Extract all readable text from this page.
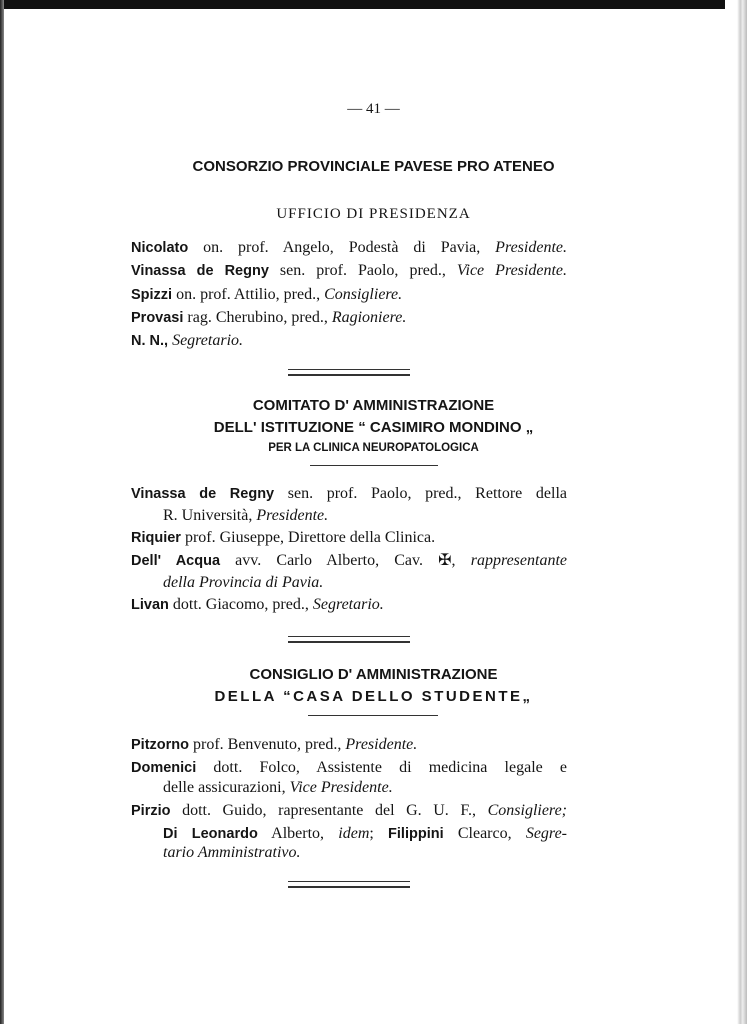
— 41 —
CONSORZIO PROVINCIALE PAVESE PRO ATENEO
UFFICIO DI PRESIDENZA
Nicolato on. prof. Angelo, Podestà di Pavia, Presidente.
Vinassa de Regny sen. prof. Paolo, pred., Vice Presidente.
Spizzi on. prof. Attilio, pred., Consigliere.
Provasi rag. Cherubino, pred., Ragioniere.
N. N., Segretario.
COMITATO D' AMMINISTRAZIONE
DELL' ISTITUZIONE “ CASIMIRO MONDINO „
PER LA CLINICA NEUROPATOLOGICA
Vinassa de Regny sen. prof. Paolo, pred., Rettore della
R. Università, Presidente.
Riquier prof. Giuseppe, Direttore della Clinica.
Dell' Acqua avv. Carlo Alberto, Cav. ✠, rappresentante
della Provincia di Pavia.
Livan dott. Giacomo, pred., Segretario.
CONSIGLIO D' AMMINISTRAZIONE
DELLA “CASA DELLO STUDENTE„
Pitzorno prof. Benvenuto, pred., Presidente.
Domenici dott. Folco, Assistente di medicina legale e
delle assicurazioni, Vice Presidente.
Pirzio dott. Guido, rapresentante del G. U. F., Consigliere;
Di Leonardo Alberto, idem; Filippini Clearco, Segre-
tario Amministrativo.
